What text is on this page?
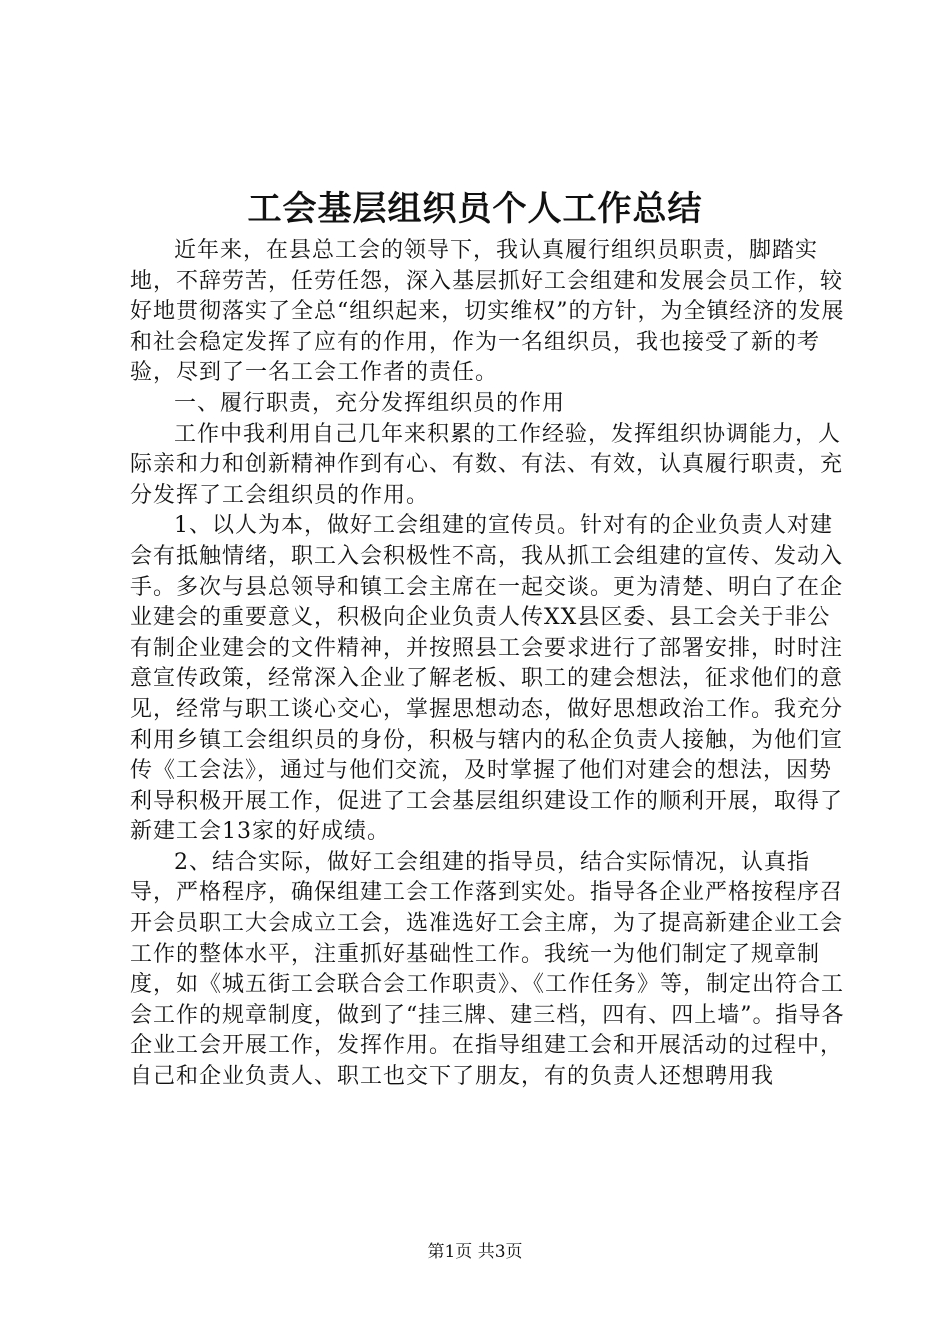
工会基层组织员个人工作总结

近年来，在县总工会的领导下，我认真履行组织员职责，脚踏实地，不辞劳苦，任劳任怨，深入基层抓好工会组建和发展会员工作，较好地贯彻落实了全总“组织起来，切实维权”的方针，为全镇经济的发展和社会稳定发挥了应有的作用，作为一名组织员，我也接受了新的考验，尽到了一名工会工作者的责任。

一、履行职责，充分发挥组织员的作用

工作中我利用自己几年来积累的工作经验，发挥组织协调能力，人际亲和力和创新精神作到有心、有数、有法、有效，认真履行职责，充分发挥了工会组织员的作用。

1、以人为本，做好工会组建的宣传员。针对有的企业负责人对建会有抵触情绪，职工入会积极性不高，我从抓工会组建的宣传、发动入手。多次与县总领导和镇工会主席在一起交谈。更为清楚、明白了在企业建会的重要意义，积极向企业负责人传XX县区委、县工会关于非公有制企业建会的文件精神，并按照县工会要求进行了部署安排，时时注意宣传政策，经常深入企业了解老板、职工的建会想法，征求他们的意见，经常与职工谈心交心，掌握思想动态，做好思想政治工作。我充分利用乡镇工会组织员的身份，积极与辖内的私企负责人接触，为他们宣传《工会法》，通过与他们交流，及时掌握了他们对建会的想法，因势利导积极开展工作，促进了工会基层组织建设工作的顺利开展，取得了新建工会13家的好成绩。

2、结合实际，做好工会组建的指导员，结合实际情况，认真指导，严格程序，确保组建工会工作落到实处。指导各企业严格按程序召开会员职工大会成立工会，选准选好工会主席，为了提高新建企业工会工作的整体水平，注重抓好基础性工作。我统一为他们制定了规章制度，如《城五街工会联合会工作职责》、《工作任务》等，制定出符合工会工作的规章制度，做到了“挂三牌、建三档，四有、四上墙”。指导各企业工会开展工作，发挥作用。在指导组建工会和开展活动的过程中，自己和企业负责人、职工也交下了朋友，有的负责人还想聘用我

第1页 共3页
